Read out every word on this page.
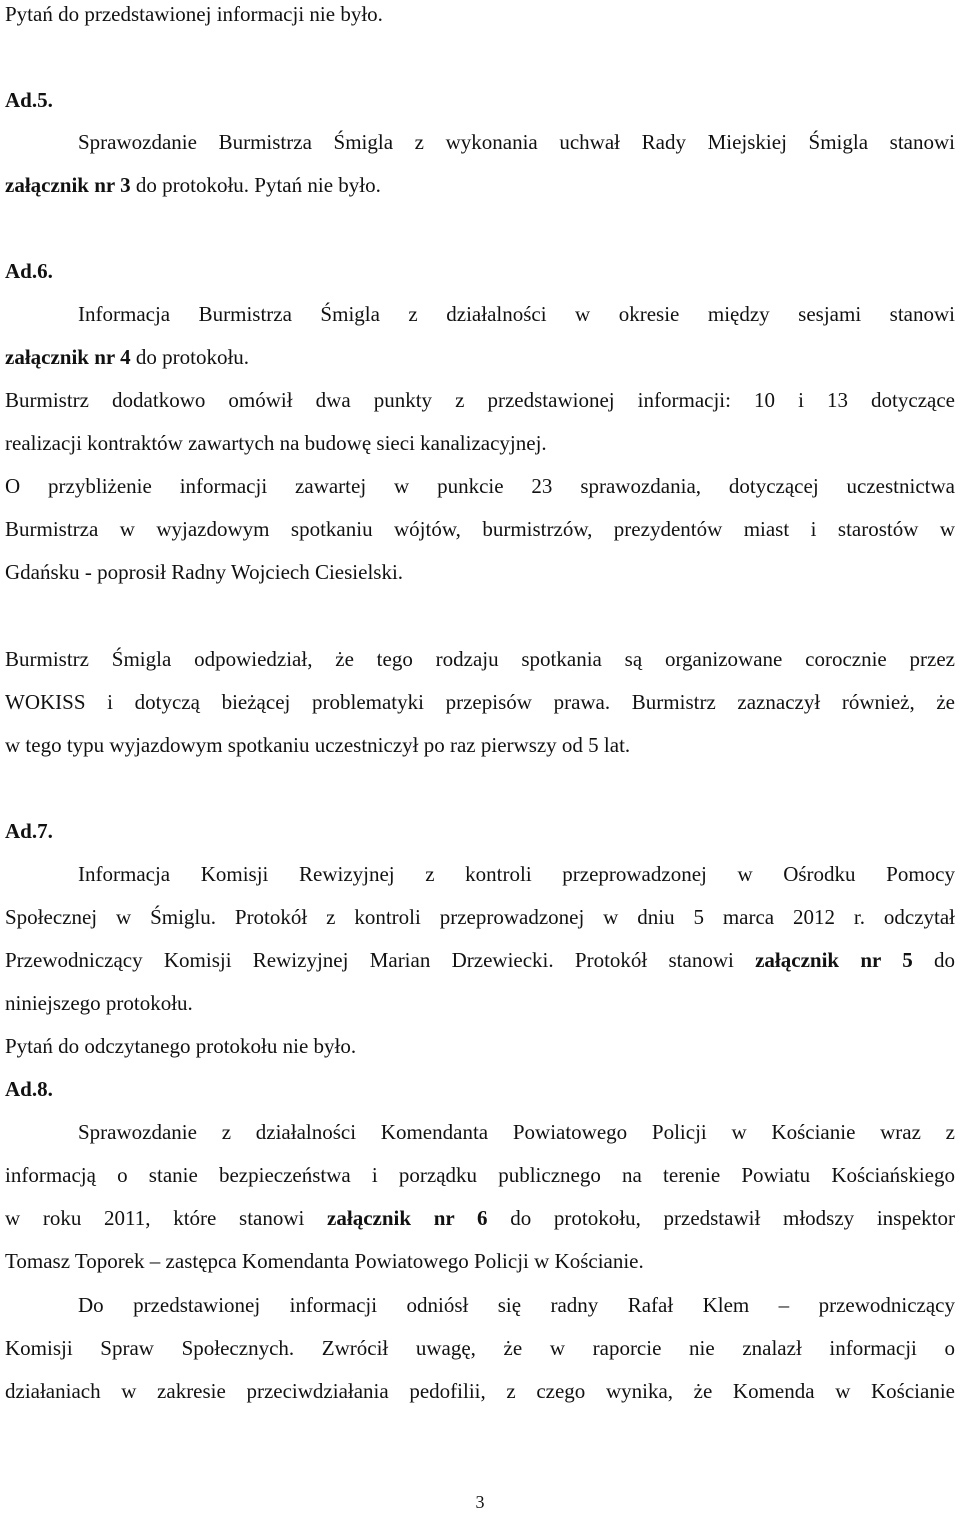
Pytań do przedstawionej informacji nie było.
Ad.5.
Sprawozdanie Burmistrza Śmigla z wykonania uchwał Rady Miejskiej Śmigla stanowi
załącznik nr 3 do protokołu. Pytań nie było.
Ad.6.
Informacja Burmistrza Śmigla z działalności w okresie między sesjami stanowi
załącznik nr 4 do protokołu.
Burmistrz dodatkowo omówił dwa punkty z przedstawionej informacji: 10 i 13 dotyczące
realizacji kontraktów zawartych na budowę sieci kanalizacyjnej.
O przybliżenie informacji zawartej w punkcie 23 sprawozdania, dotyczącej uczestnictwa
Burmistrza w wyjazdowym spotkaniu wójtów, burmistrzów, prezydentów miast i starostów w
Gdańsku - poprosił Radny Wojciech Ciesielski.
Burmistrz Śmigla odpowiedział, że tego rodzaju spotkania są organizowane corocznie przez
WOKISS i dotyczą bieżącej problematyki przepisów prawa. Burmistrz zaznaczył również, że
w tego typu wyjazdowym spotkaniu uczestniczył po raz pierwszy od 5 lat.
Ad.7.
Informacja Komisji Rewizyjnej z kontroli przeprowadzonej w Ośrodku Pomocy
Społecznej w Śmiglu. Protokół z kontroli przeprowadzonej w dniu 5 marca 2012 r. odczytał
Przewodniczący Komisji Rewizyjnej Marian Drzewiecki. Protokół stanowi załącznik nr 5 do
niniejszego protokołu.
Pytań do odczytanego protokołu nie było.
Ad.8.
Sprawozdanie z działalności Komendanta Powiatowego Policji w Kościanie wraz z
informacją o stanie bezpieczeństwa i porządku publicznego na terenie Powiatu Kościańskiego
w roku 2011, które stanowi załącznik nr 6 do protokołu, przedstawił młodszy inspektor
Tomasz Toporek – zastępca Komendanta Powiatowego Policji w Kościanie.
Do przedstawionej informacji odniósł się radny Rafał Klem – przewodniczący
Komisji Spraw Społecznych. Zwrócił uwagę, że w raporcie nie znalazł informacji o
działaniach w zakresie przeciwdziałania pedofilii, z czego wynika, że Komenda w Kościanie
3
